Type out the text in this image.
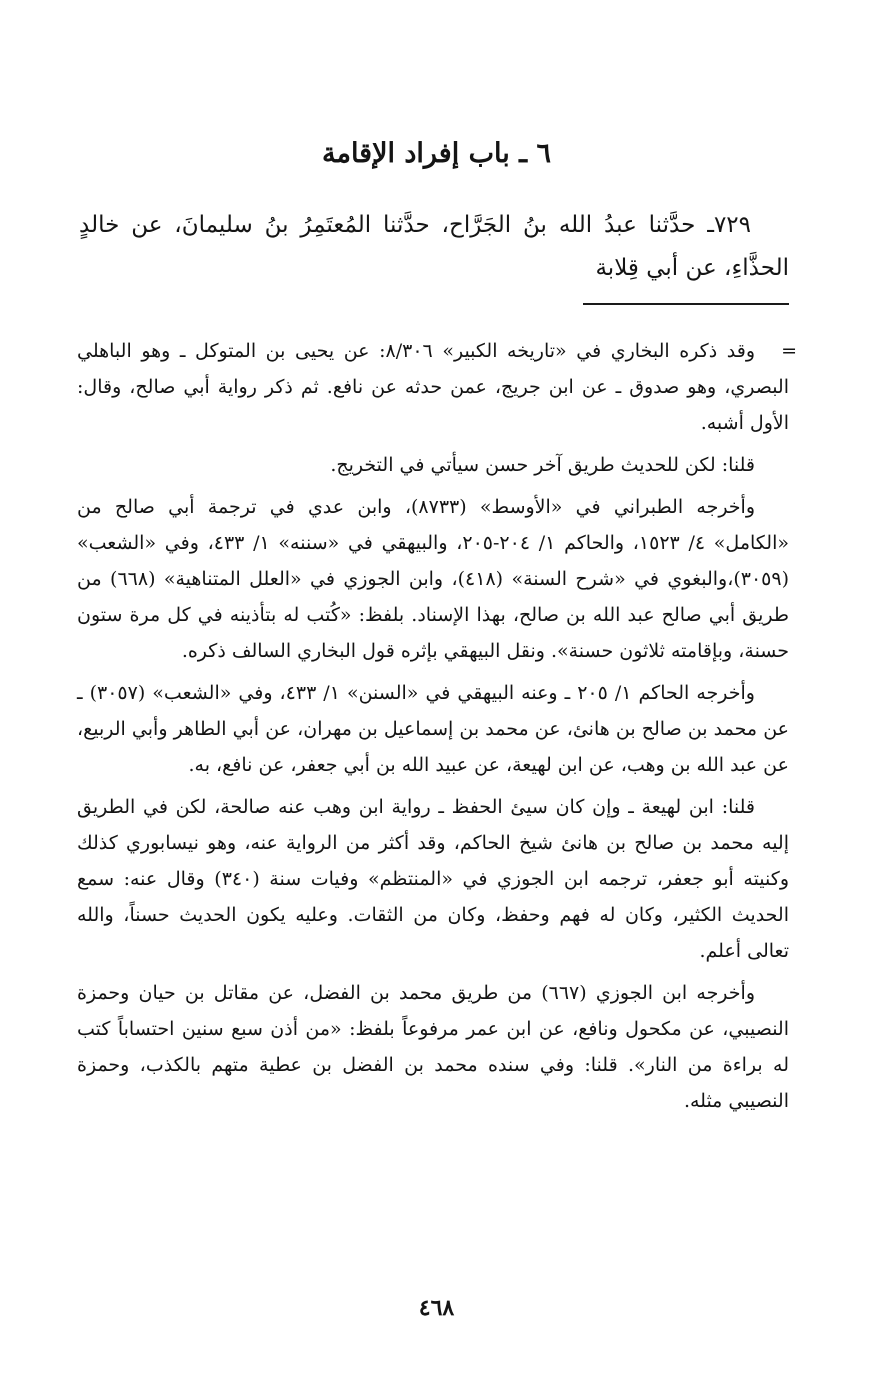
٦ ـ باب إفراد الإقامة

٧٢٩ـ حدَّثنا عبدُ الله بنُ الجَرَّاح، حدَّثنا المُعتَمِرُ بنُ سليمانَ، عن خالدٍ الحذَّاءِ، عن أبي قِلابة

=

وقد ذكره البخاري في «تاريخه الكبير» ٨/٣٠٦: عن يحيى بن المتوكل ـ وهو الباهلي البصري، وهو صدوق ـ عن ابن جريج، عمن حدثه عن نافع. ثم ذكر رواية أبي صالح، وقال: الأول أشبه.

قلنا: لكن للحديث طريق آخر حسن سيأتي في التخريج.

وأخرجه الطبراني في «الأوسط» (٨٧٣٣)، وابن عدي في ترجمة أبي صالح من «الكامل» ٤/ ١٥٢٣، والحاكم ١/ ٢٠٤-٢٠٥، والبيهقي في «سننه» ١/ ٤٣٣، وفي «الشعب» (٣٠٥٩)،والبغوي في «شرح السنة» (٤١٨)، وابن الجوزي في «العلل المتناهية» (٦٦٨) من طريق أبي صالح عبد الله بن صالح، بهذا الإسناد. بلفظ: «كُتب له بتأذينه في كل مرة ستون حسنة، وبإقامته ثلاثون حسنة». ونقل البيهقي بإثره قول البخاري السالف ذكره.

وأخرجه الحاكم ١/ ٢٠٥ ـ وعنه البيهقي في «السنن» ١/ ٤٣٣، وفي «الشعب» (٣٠٥٧) ـ عن محمد بن صالح بن هانئ، عن محمد بن إسماعيل بن مهران، عن أبي الطاهر وأبي الربيع، عن عبد الله بن وهب، عن ابن لهيعة، عن عبيد الله بن أبي جعفر، عن نافع، به.

قلنا: ابن لهيعة ـ وإن كان سيئ الحفظ ـ رواية ابن وهب عنه صالحة، لكن في الطريق إليه محمد بن صالح بن هانئ شيخ الحاكم، وقد أكثر من الرواية عنه، وهو نيسابوري كذلك وكنيته أبو جعفر، ترجمه ابن الجوزي في «المنتظم» وفيات سنة (٣٤٠) وقال عنه: سمع الحديث الكثير، وكان له فهم وحفظ، وكان من الثقات. وعليه يكون الحديث حسناً، والله تعالى أعلم.

وأخرجه ابن الجوزي (٦٦٧) من طريق محمد بن الفضل، عن مقاتل بن حيان وحمزة النصيبي، عن مكحول ونافع، عن ابن عمر مرفوعاً بلفظ: «من أذن سبع سنين احتساباً كتب له براءة من النار». قلنا: وفي سنده محمد بن الفضل بن عطية متهم بالكذب، وحمزة النصيبي مثله.

٤٦٨
